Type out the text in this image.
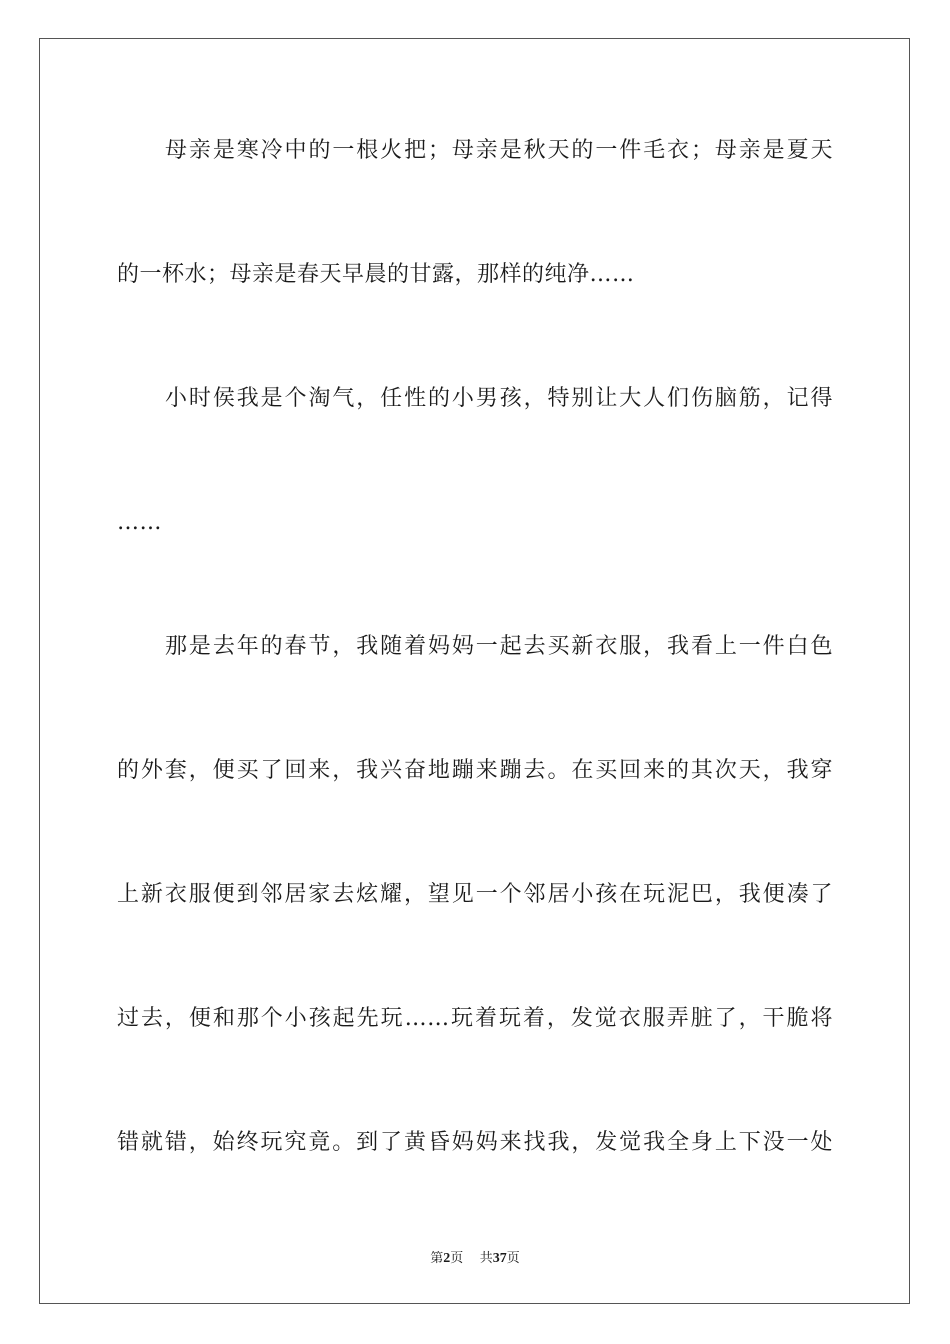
母亲是寒冷中的一根火把；母亲是秋天的一件毛衣；母亲是夏天
的一杯水；母亲是春天早晨的甘露，那样的纯净……
小时侯我是个淘气，任性的小男孩，特别让大人们伤脑筋，记得
……
那是去年的春节，我随着妈妈一起去买新衣服，我看上一件白色
的外套，便买了回来，我兴奋地蹦来蹦去。在买回来的其次天，我穿
上新衣服便到邻居家去炫耀，望见一个邻居小孩在玩泥巴，我便凑了
过去，便和那个小孩起先玩……玩着玩着，发觉衣服弄脏了，干脆将
错就错，始终玩究竟。到了黄昏妈妈来找我，发觉我全身上下没一处
第2页 共37页
